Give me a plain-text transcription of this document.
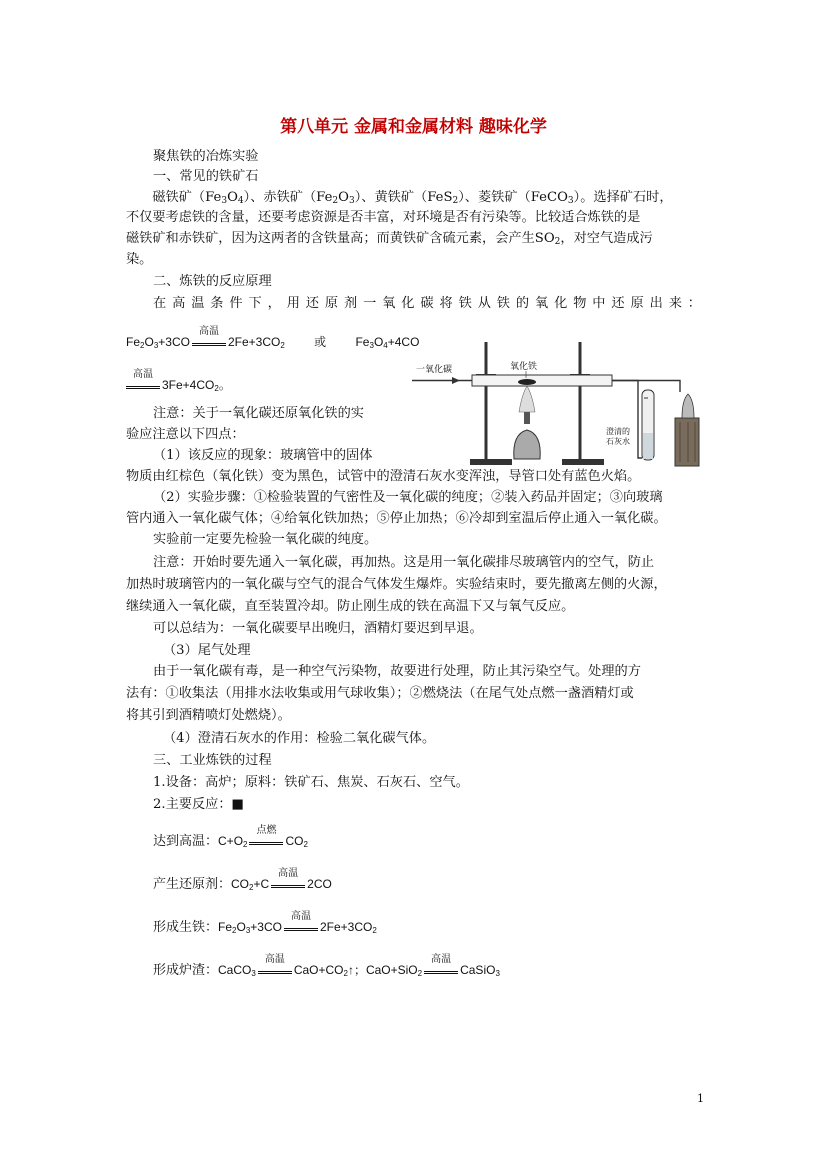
第八单元 金属和金属材料 趣味化学
聚焦铁的冶炼实验
一、常见的铁矿石
　　磁铁矿$(Fe_3O_4)$、赤铁矿$(Fe_2O_3)$、黄铁矿（FeS$_2$）、菱铁矿（FeCO$_3$）。选择矿石时，
不仅要考虑铁的含量，还要考虑资源是否丰富，对环境是否有污染等。比较适合炼铁的是
磁铁矿和赤铁矿，因为这两者的含铁量高；而黄铁矿含硫元素，会产生$SO_2$，对空气造成污
染。
二、炼铁的反应原理
在高温条件下，用还原剂一氧化碳将铁从铁的氧化物中还原出来：
$Fe_2O_3+3CO$
高温
$2Fe+3CO_2$ 或 $Fe_3O_4+4CO$
高温
$3Fe+4CO_2$。
注意：关于一氧化碳还原氧化铁的实
验应注意以下四点：
（1）该反应的现象：玻璃管中的固体
物质由红棕色（氧化铁）变为黑色，试管中的澄清石灰水变浑浊，导管口处有蓝色火焰。
（2）实验步骤：①检验装置的气密性及一氧化碳的纯度；②装入药品并固定；③向玻璃
管内通入一氧化碳气体；④给氧化铁加热；⑤停止加热；⑥冷却到室温后停止通入一氧化碳。
实验前一定要先检验一氧化碳的纯度。
注意：开始时要先通入一氧化碳，再加热。这是用一氧化碳排尽玻璃管内的空气，防止
加热时玻璃管内的一氧化碳与空气的混合气体发生爆炸。实验结束时，要先撤离左侧的火源，
继续通入一氧化碳，直至装置冷却。防止刚生成的铁在高温下又与氧气反应。
可以总结为：一氧化碳要早出晚归，酒精灯要迟到早退。
（3）尾气处理
由于一氧化碳有毒，是一种空气污染物，故要进行处理，防止其污染空气。处理的方
法有：①收集法（用排水法收集或用气球收集）；②燃烧法（在尾气处点燃一盏酒精灯或
将其引到酒精喷灯处燃烧）。
（4）澄清石灰水的作用：检验二氧化碳气体。
三、工业炼铁的过程
1.设备：高炉；原料：铁矿石、焦炭、石灰石、空气。
2.主要反应：■
达到高温：$C+O_2$
点燃
$CO_2$
产生还原剂：$CO_2+C$
高温
2CO
形成生铁：$Fe_2O_3+3CO$
高温
$2Fe+3CO_2$
形成炉渣：CaCO$_3$
高温
$CaO+CO_2↑$；CaO+SiO$_2$
高温
CaSiO$_3$
一氧化碳	氧化铁
澄清的
石灰水
1
